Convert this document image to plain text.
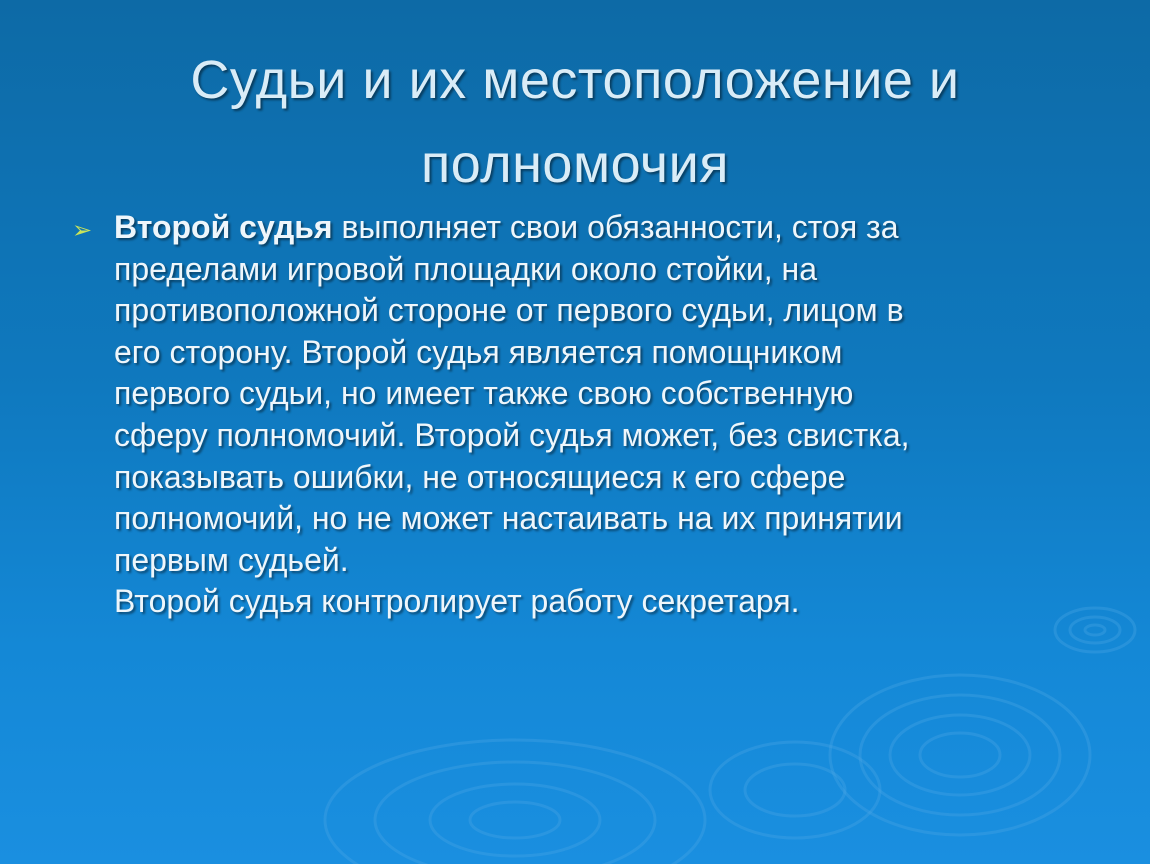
Судьи и их местоположение и
полномочия
➢ Второй судья выполняет свои обязанности, стоя за
пределами игровой площадки около стойки, на
противоположной стороне от первого судьи, лицом в
его сторону. Второй судья является помощником
первого судьи, но имеет также свою собственную
сферу полномочий. Второй судья может, без свистка,
показывать ошибки, не относящиеся к его сфере
полномочий, но не может настаивать на их принятии
первым судьей.
Второй судья контролирует работу секретаря.
